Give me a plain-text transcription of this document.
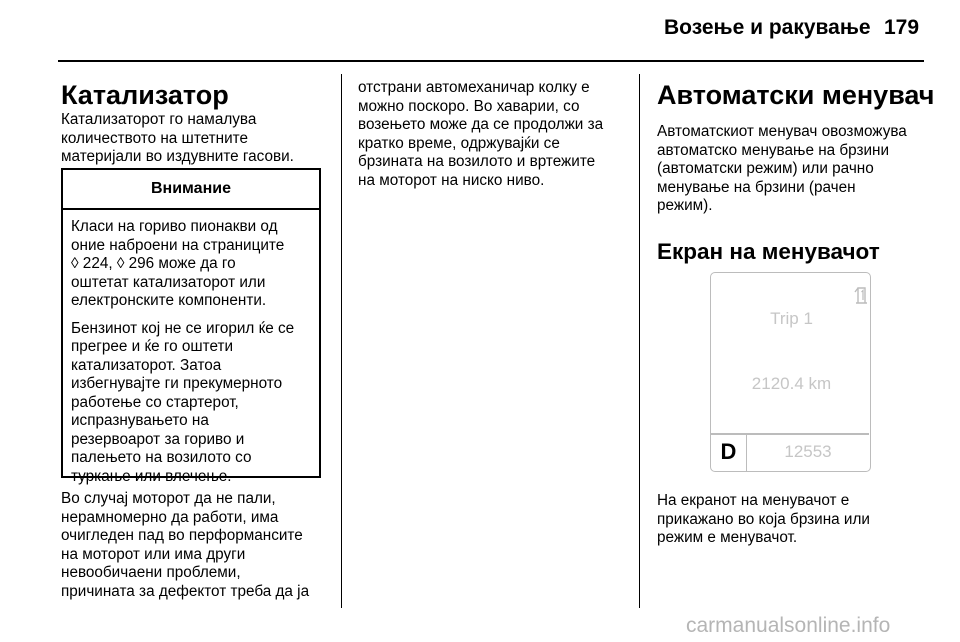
Возење и ракување 179
Катализатор

Катализаторот го намалува
количеството на штетните
материјали во издувните гасови.

Внимание

Класи на гориво пионакви од
оние наброени на страниците
◊ 224, ◊ 296 може да го
оштетат катализаторот или
електронските компоненти.

Бензинот кој не се игорил ќе се
прегрее и ќе го оштети
катализаторот. Затоа
избегнувајте ги прекумерното
работење со стартерот,
испразнувањето на
резервоарот за гориво и
палењето на возилото со
туркање или влечење.

Во случај моторот да не пали,
нерамномерно да работи, има
очигледен пад во перформансите
на моторот или има други
невообичаени проблеми,
причината за дефектот треба да ја

отстрани автомеханичар колку е
можно поскоро. Во хаварии, со
возењето може да се продолжи за
кратко време, одржувајќи се
брзината на возилото и вртежите
на моторот на ниско ниво.

Автоматски менувач

Автоматскиот менувач овозможува
автоматско менување на брзини
(автоматски режим) или рачно
менување на брзини (рачен
режим).

Екран на менувачот
Trip 1
2120.4 km
D	12553

На екранот на менувачот е
прикажано во која брзина или
режим е менувачот.

carmanualsonline.info
